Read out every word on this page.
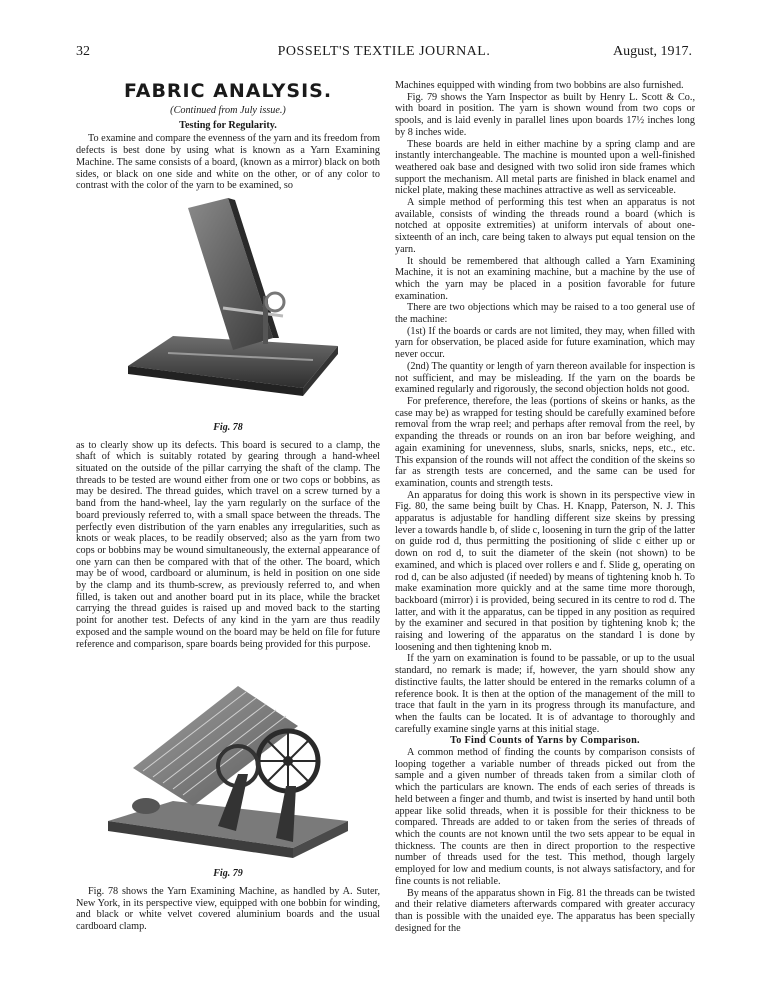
32	POSSELT'S TEXTILE JOURNAL.	August, 1917.
FABRIC ANALYSIS.
(Continued from July issue.)
Testing for Regularity.

To examine and compare the evenness of the yarn and its freedom from defects is best done by using what is known as a Yarn Examining Machine. The same consists of a board, (known as a mirror) black on both sides, or black on one side and white on the other, or of any color to contrast with the color of the yarn to be examined, so

Fig. 78

as to clearly show up its defects. This board is secured to a clamp, the shaft of which is suitably rotated by gearing through a hand-wheel situated on the outside of the pillar carrying the shaft of the clamp. The threads to be tested are wound either from one or two cops or bobbins, as may be desired. The thread guides, which travel on a screw turned by a band from the hand-wheel, lay the yarn regularly on the surface of the board previously referred to, with a small space between the threads. The perfectly even distribution of the yarn enables any irregularities, such as knots or weak places, to be readily observed; also as the yarn from two cops or bobbins may be wound simultaneously, the external appearance of one yarn can then be compared with that of the other. The board, which may be of wood, cardboard or aluminum, is held in position on one side by the clamp and its thumb-screw, as previously referred to, and when filled, is taken out and another board put in its place, while the bracket carrying the thread guides is raised up and moved back to the starting point for another test. Defects of any kind in the yarn are thus readily exposed and the sample wound on the board may be held on file for future reference and comparison, spare boards being provided for this purpose.

Fig. 79

Fig. 78 shows the Yarn Examining Machine, as handled by A. Suter, New York, in its perspective view, equipped with one bobbin for winding, and black or white velvet covered aluminium boards and the usual cardboard clamp.

Machines equipped with winding from two bobbins are also furnished.

Fig. 79 shows the Yarn Inspector as built by Henry L. Scott & Co., with board in position. The yarn is shown wound from two cops or spools, and is laid evenly in parallel lines upon boards 17½ inches long by 8 inches wide.

These boards are held in either machine by a spring clamp and are instantly interchangeable. The machine is mounted upon a well-finished weathered oak base and designed with two solid iron side frames which support the mechanism. All metal parts are finished in black enamel and nickel plate, making these machines attractive as well as serviceable.

A simple method of performing this test when an apparatus is not available, consists of winding the threads round a board (which is notched at opposite extremities) at uniform intervals of about one-sixteenth of an inch, care being taken to always put equal tension on the yarn.

It should be remembered that although called a Yarn Examining Machine, it is not an examining machine, but a machine by the use of which the yarn may be placed in a position favorable for future examination.

There are two objections which may be raised to a too general use of the machine:

(1st) If the boards or cards are not limited, they may, when filled with yarn for observation, be placed aside for future examination, which may never occur.

(2nd) The quantity or length of yarn thereon available for inspection is not sufficient, and may be misleading. If the yarn on the boards be examined regularly and rigorously, the second objection holds not good.

For preference, therefore, the leas (portions of skeins or hanks, as the case may be) as wrapped for testing should be carefully examined before removal from the wrap reel; and perhaps after removal from the reel, by expanding the threads or rounds on an iron bar before weighing, and again examining for unevenness, slubs, snarls, snicks, neps, etc., etc. This expansion of the rounds will not affect the condition of the skeins so far as strength tests are concerned, and the same can be used for examination, counts and strength tests.

An apparatus for doing this work is shown in its perspective view in Fig. 80, the same being built by Chas. H. Knapp, Paterson, N. J. This apparatus is adjustable for handling different size skeins by pressing lever a towards handle b, of slide c, loosening in turn the grip of the latter on guide rod d, thus permitting the positioning of slide c either up or down on rod d, to suit the diameter of the skein (not shown) to be examined, and which is placed over rollers e and f. Slide g, operating on rod d, can be also adjusted (if needed) by means of tightening knob h. To make examination more quickly and at the same time more thorough, backboard (mirror) i is provided, being secured in its centre to rod d. The latter, and with it the apparatus, can be tipped in any position as required by the examiner and secured in that position by tightening knob k; the raising and lowering of the apparatus on the standard l is done by loosening and then tightening knob m.

If the yarn on examination is found to be passable, or up to the usual standard, no remark is made; if, however, the yarn should show any distinctive faults, the latter should be entered in the remarks column of a reference book. It is then at the option of the management of the mill to trace that fault in the yarn in its progress through its manufacture, and when the faults can be located. It is of advantage to thoroughly and carefully examine single yarns at this initial stage.

To Find Counts of Yarns by Comparison.

A common method of finding the counts by comparison consists of looping together a variable number of threads picked out from the sample and a given number of threads taken from a similar cloth of which the particulars are known. The ends of each series of threads is held between a finger and thumb, and twist is inserted by hand until both appear like solid threads, when it is possible for their thickness to be compared. Threads are added to or taken from the series of threads of which the counts are not known until the two sets appear to be equal in thickness. The counts are then in direct proportion to the respective number of threads used for the test. This method, though largely employed for low and medium counts, is not always satisfactory, and for fine counts is not reliable.

By means of the apparatus shown in Fig. 81 the threads can be twisted and their relative diameters afterwards compared with greater accuracy than is possible with the unaided eye. The apparatus has been specially designed for the
